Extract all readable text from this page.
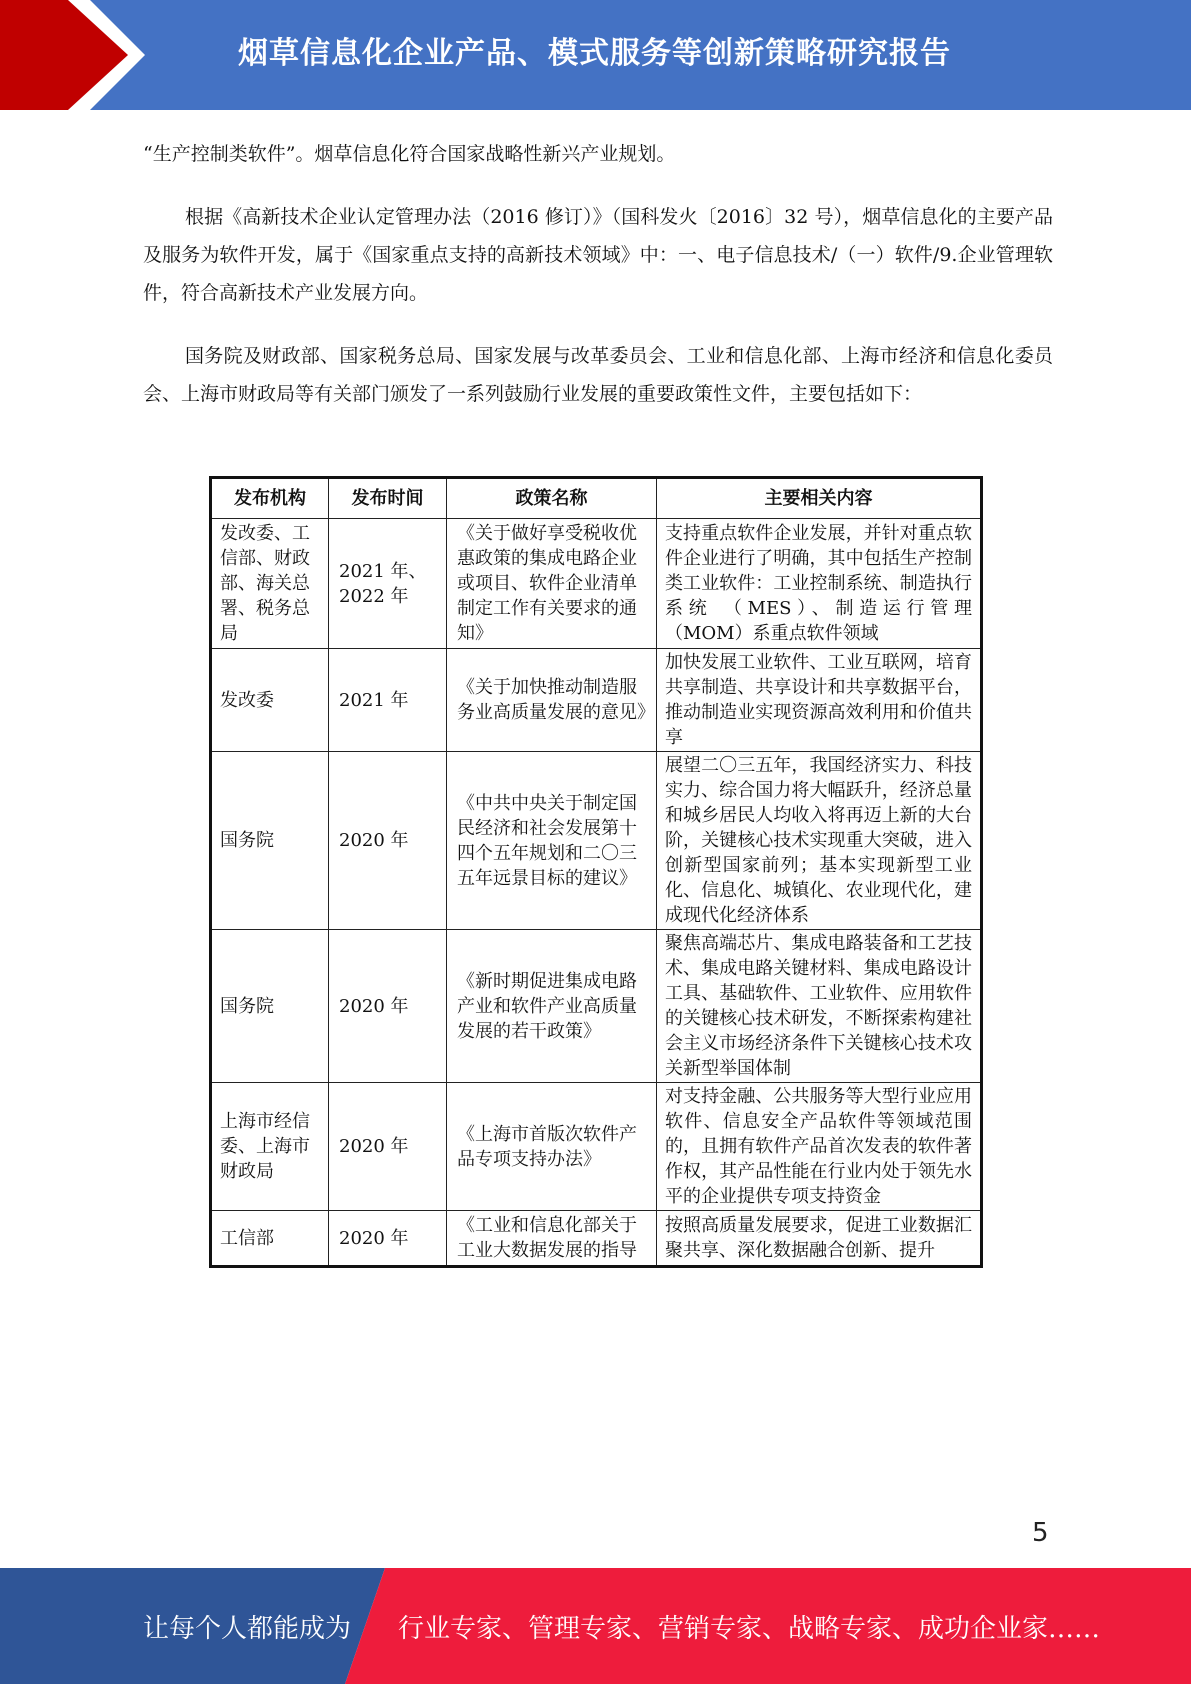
烟草信息化企业产品、模式服务等创新策略研究报告

“生产控制类软件”。烟草信息化符合国家战略性新兴产业规划。

根据《高新技术企业认定管理办法（2016 修订）》（国科发火〔2016〕32 号），烟草信息化的主要产品及服务为软件开发，属于《国家重点支持的高新技术领域》中：一、电子信息技术/（一）软件/9.企业管理软件，符合高新技术产业发展方向。

国务院及财政部、国家税务总局、国家发展与改革委员会、工业和信息化部、上海市经济和信息化委员会、上海市财政局等有关部门颁发了一系列鼓励行业发展的重要政策性文件，主要包括如下：

发布机构	发布时间	政策名称	主要相关内容
发改委、工信部、财政部、海关总署、税务总局	2021 年、2022 年	《关于做好享受税收优惠政策的集成电路企业或项目、软件企业清单制定工作有关要求的通知》	支持重点软件企业发展，并针对重点软件企业进行了明确，其中包括生产控制类工业软件：工业控制系统、制造执行系统 （MES）、制造运行管理（MOM）系重点软件领域
发改委	2021 年	《关于加快推动制造服务业高质量发展的意见》	加快发展工业软件、工业互联网，培育共享制造、共享设计和共享数据平台，推动制造业实现资源高效利用和价值共享
国务院	2020 年	《中共中央关于制定国民经济和社会发展第十四个五年规划和二〇三五年远景目标的建议》	展望二〇三五年，我国经济实力、科技实力、综合国力将大幅跃升，经济总量和城乡居民人均收入将再迈上新的大台阶，关键核心技术实现重大突破，进入创新型国家前列；基本实现新型工业化、信息化、城镇化、农业现代化，建成现代化经济体系
国务院	2020 年	《新时期促进集成电路产业和软件产业高质量发展的若干政策》	聚焦高端芯片、集成电路装备和工艺技术、集成电路关键材料、集成电路设计工具、基础软件、工业软件、应用软件的关键核心技术研发，不断探索构建社会主义市场经济条件下关键核心技术攻关新型举国体制
上海市经信委、上海市财政局	2020 年	《上海市首版次软件产品专项支持办法》	对支持金融、公共服务等大型行业应用软件、信息安全产品软件等领域范围的，且拥有软件产品首次发表的软件著作权，其产品性能在行业内处于领先水平的企业提供专项支持资金
工信部	2020 年	《工业和信息化部关于工业大数据发展的指导	按照高质量发展要求，促进工业数据汇聚共享、深化数据融合创新、提升
5
让每个人都能成为 行业专家、管理专家、营销专家、战略专家、成功企业家……
